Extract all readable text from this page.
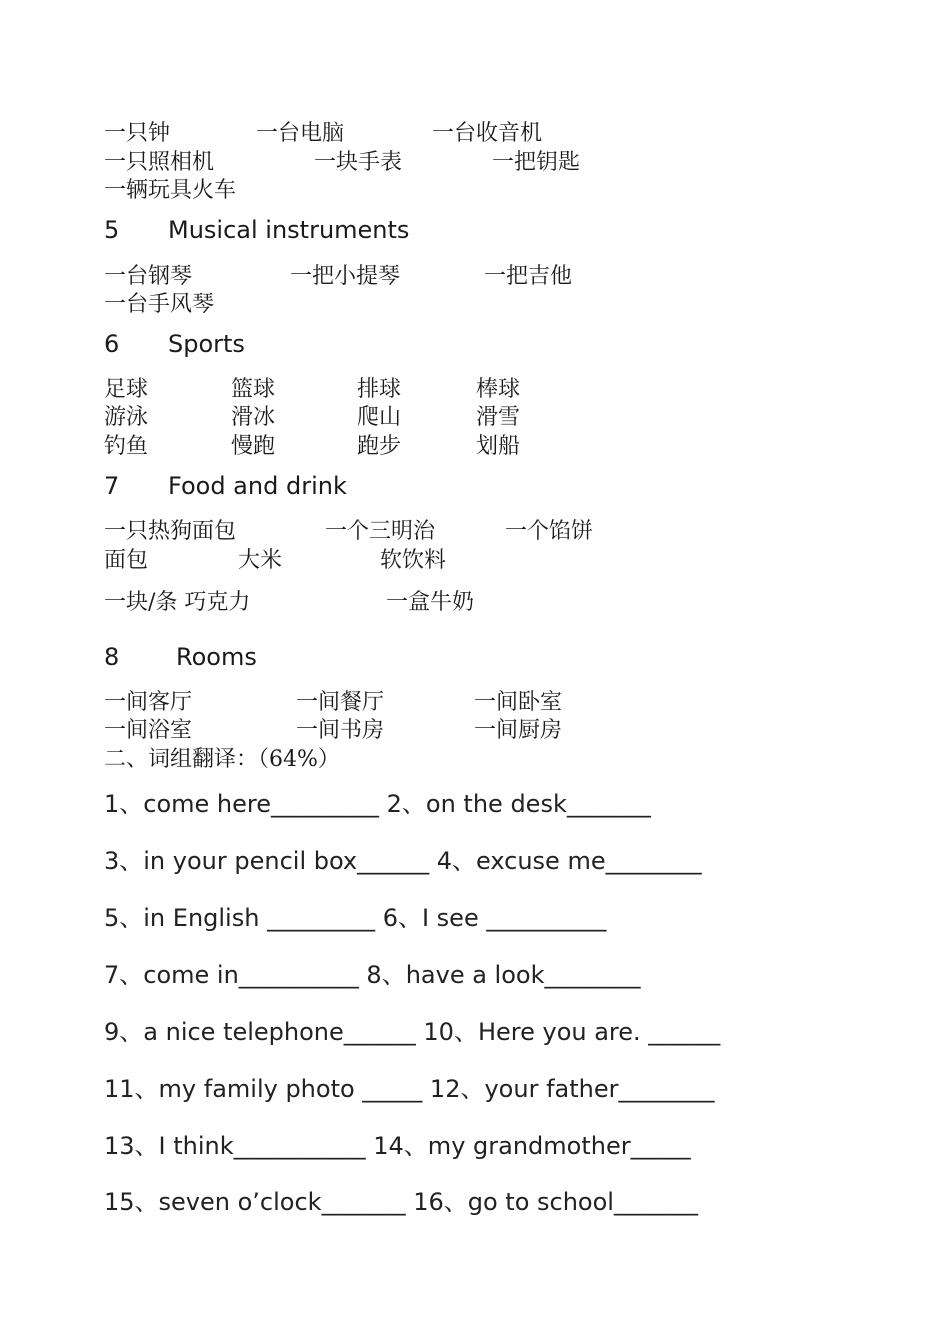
一只钟	一台电脑	一台收音机
一只照相机	一块手表	一把钥匙
一辆玩具火车
5 Musical instruments
一台钢琴	一把小提琴	一把吉他
一台手风琴
6 Sports
足球	篮球	排球	棒球
游泳	滑冰	爬山	滑雪
钓鱼	慢跑	跑步	划船
7 Food and drink
一只热狗面包	一个三明治	一个馅饼
面包	大米	软饮料
一块/条 巧克力	一盒牛奶
8 Rooms
一间客厅	一间餐厅	一间卧室
一间浴室	一间书房	一间厨房
二、词组翻译：（64%）
1、come here_________ 2、on the desk_______
3、in your pencil box______ 4、excuse me________
5、in English _________ 6、I see __________
7、come in__________ 8、have a look________
9、a nice telephone______ 10、Here you are. ______
11、my family photo _____ 12、your father________
13、I think___________ 14、my grandmother_____
15、seven o’clock_______ 16、go to school_______
